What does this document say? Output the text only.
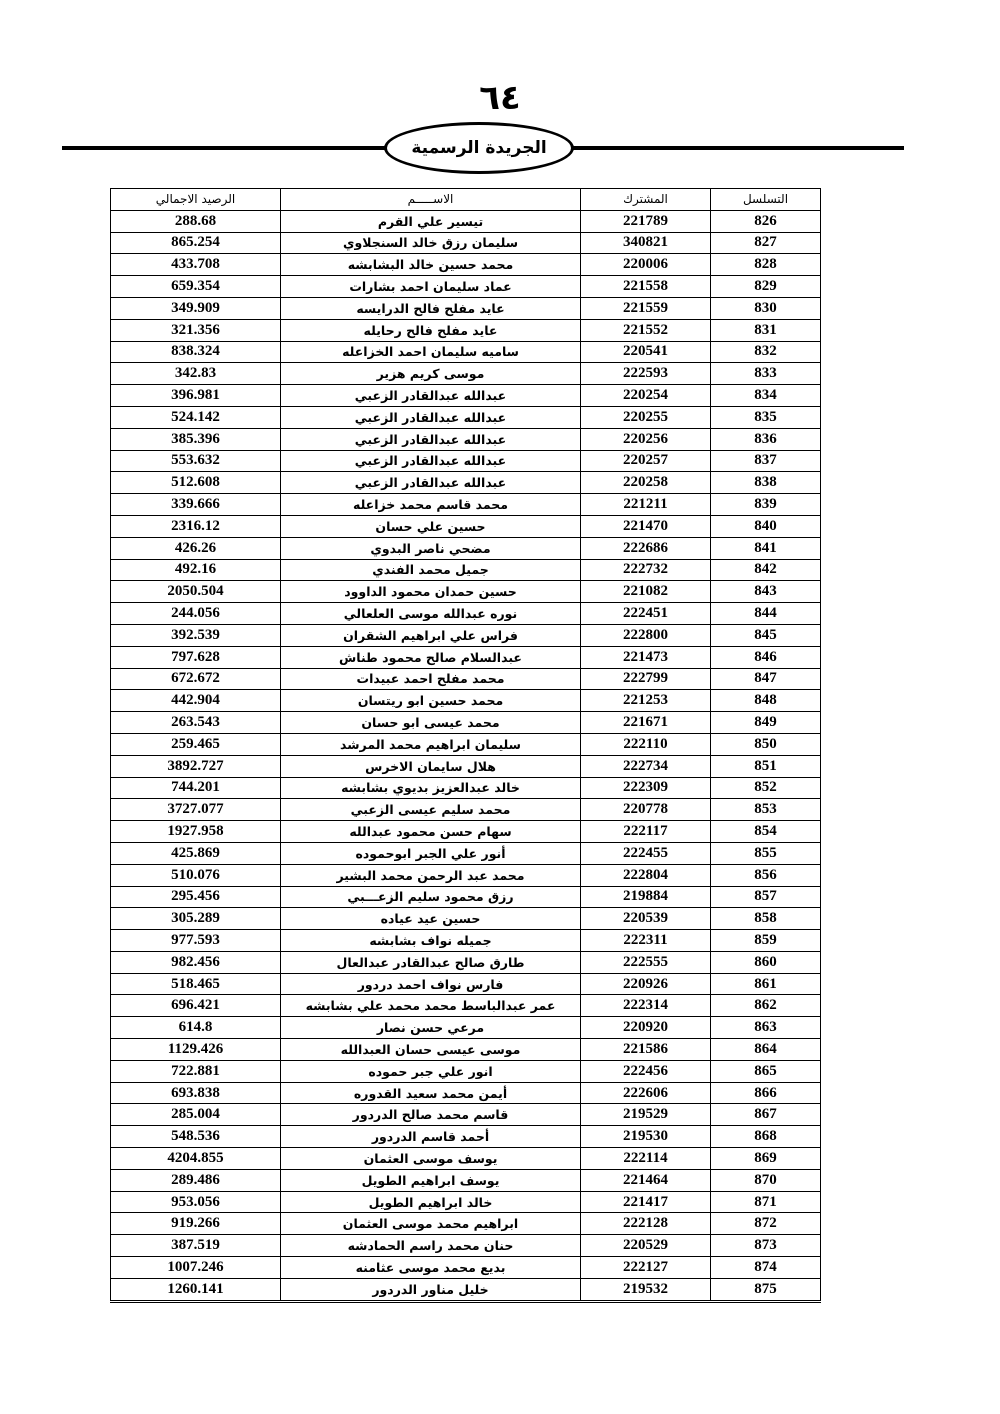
٦٤
الجريدة الرسمية
التسلسل	المشترك	الاســـــم	الرصيد الاجمالي
826	221789	تيسير علي القرم	288.68
827	340821	سليمان رزق خالد السنجلاوي	865.254
828	220006	محمد حسين خالد البشابشه	433.708
829	221558	عماد سليمان احمد بشارات	659.354
830	221559	عايد مفلح فالح الدرايسه	349.909
831	221552	عايد مفلح فالح رحايله	321.356
832	220541	ساميه سليمان احمد الخزاعله	838.324
833	222593	موسى كريم هزير	342.83
834	220254	عبدالله عبدالقادر الزعبي	396.981
835	220255	عبدالله عبدالقادر الزعبي	524.142
836	220256	عبدالله عبدالقادر الزعبي	385.396
837	220257	عبدالله عبدالقادر الزعبي	553.632
838	220258	عبدالله عبدالقادر الزعبي	512.608
839	221211	محمد قاسم محمد خزاعله	339.666
840	221470	حسين علي حسان	2316.12
841	222686	مضحي ناصر البدوي	426.26
842	222732	جميل محمد الفندي	492.16
843	221082	حسين حمدان محمود الداوود	2050.504
844	222451	نوره عبدالله موسى العلعالي	244.056
845	222800	فراس علي ابراهيم الشقران	392.539
846	221473	عبدالسلام صالح محمود طناش	797.628
847	222799	محمد مفلح احمد عبيدات	672.672
848	221253	محمد حسين ابو ريتسان	442.904
849	221671	محمد عيسى ابو حسان	263.543
850	222110	سليمان ابراهيم محمد المرشد	259.465
851	222734	هلال سايمان الاخرس	3892.727
852	222309	خالد عبدالعزيز بديوي بشابشه	744.201
853	220778	محمد سليم عيسى الزعبي	3727.077
854	222117	سهام حسن محمود عبدالله	1927.958
855	222455	أنور علي الجبر ابوحموده	425.869
856	222804	محمد عبد الرحمن محمد البشير	510.076
857	219884	رزق محمود سليم الزعـــبي	295.456
858	220539	حسين عيد عياده	305.289
859	222311	جميله نواف بشابشه	977.593
860	222555	طارق صالح عبدالقادر عبدالعال	982.456
861	220926	فارس نواف احمد دردور	518.465
862	222314	عمر عبدالباسط محمد محمد علي بشابشه	696.421
863	220920	مرعي حسن نصار	614.8
864	221586	موسى عيسى حسان العبدالله	1129.426
865	222456	انور علي جبر حموده	722.881
866	222606	أيمن محمد سعيد القدوره	693.838
867	219529	قاسم محمد صالح الدردور	285.004
868	219530	أحمد قاسم الدردور	548.536
869	222114	يوسف موسى العثمان	4204.855
870	221464	يوسف ابراهيم الطويل	289.486
871	221417	خالد ابراهيم الطويل	953.056
872	222128	ابراهيم محمد موسى العثمان	919.266
873	220529	حنان محمد راسم الحمادشه	387.519
874	222127	بديع محمد موسى عثامنه	1007.246
875	219532	خليل مناور الدردور	1260.141
